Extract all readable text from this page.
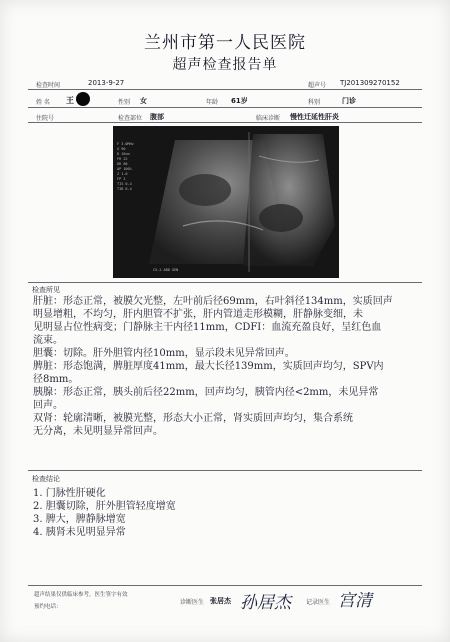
兰州市第一人民医院
超声检查报告单
检查时间	2013-9-27	超声号 TJ201309270152
姓 名 王	性别 女	年龄 61岁	科别	门诊
住院号	检查部位 腹部	临床诊断 慢性迁延性肝炎
F 3.0MHz
G 90
D 16cm
FR 22
DR 60
AP 100%
Z 1.0
FP 2
TIS 0.4
TIB 0.4
C5-2 ABD GEN
检查所见
肝脏：形态正常，被膜欠光整，左叶前后径69mm，右叶斜径134mm，实质回声
明显增粗，不均匀，肝内胆管不扩张，肝内管道走形模糊，肝静脉变细，未
见明显占位性病变；门静脉主干内径11mm，CDFI：血流充盈良好，呈红色血
流束。
胆囊：切除。肝外胆管内径10mm，显示段未见异常回声。
脾脏：形态饱满，脾脏厚度41mm，最大长径139mm，实质回声均匀，SPV内
径8mm。
胰腺：形态正常，胰头前后径22mm，回声均匀，胰管内径<2mm，未见异常
回声。
双肾：轮廓清晰，被膜光整，形态大小正常，肾实质回声均匀，集合系统
无分离，未见明显异常回声。
检查结论
1. 门脉性肝硬化
2. 胆囊切除，肝外胆管轻度增宽
3. 脾大，脾静脉增宽
4. 胰肾未见明显异常
超声结果仅供临床参考，医生签字有效
预约电话：
诊断医生 张居杰 孙居杰	记录医生 宫清
